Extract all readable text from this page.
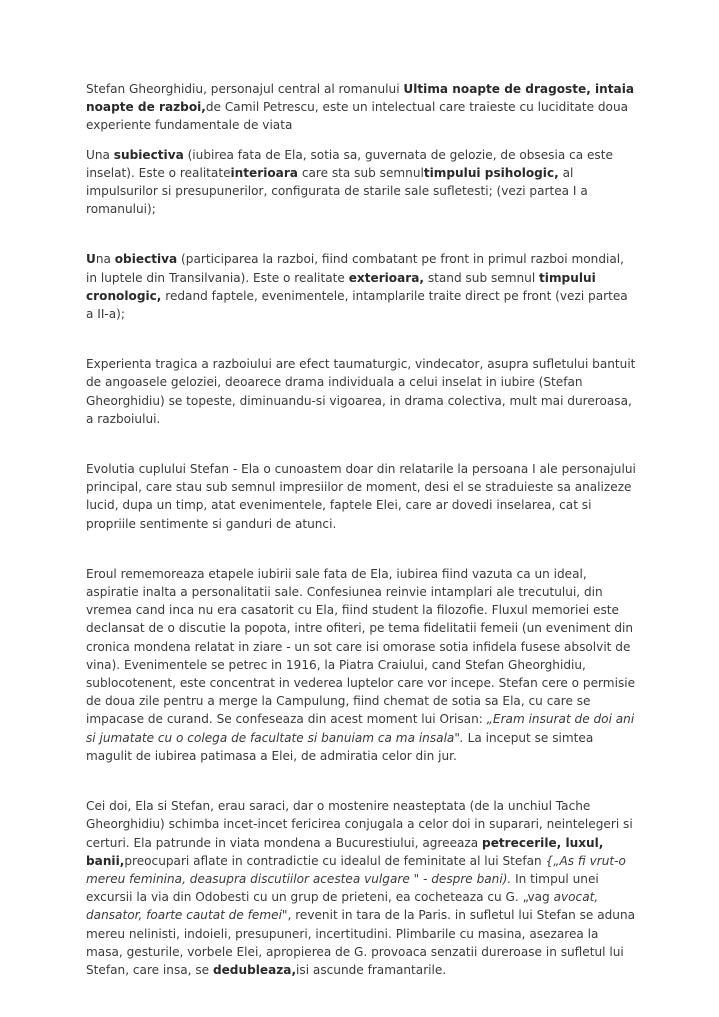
Stefan Gheorghidiu, personajul central al romanului Ultima noapte de dragoste, intaia noapte de razboi,de Camil Petrescu, este un intelectual care traieste cu luciditate doua experiente fundamentale de viata

Una subiectiva (iubirea fata de Ela, sotia sa, guvernata de gelozie, de obsesia ca este inselat). Este o realitateinterioara care sta sub semnultimpului psihologic, al impulsurilor si presupunerilor, configurata de starile sale sufletesti; (vezi partea I a romanului);

Una obiectiva (participarea la razboi, fiind combatant pe front in primul razboi mondial, in luptele din Transilvania). Este o realitate exterioara, stand sub semnul timpului cronologic, redand faptele, evenimentele, intamplarile traite direct pe front (vezi partea a II-a);

Experienta tragica a razboiului are efect taumaturgic, vindecator, asupra sufletului bantuit de angoasele geloziei, deoarece drama individuala a celui inselat in iubire (Stefan Gheorghidiu) se topeste, diminuandu-si vigoarea, in drama colectiva, mult mai dureroasa, a razboiului.

Evolutia cuplului Stefan - Ela o cunoastem doar din relatarile la persoana I ale personajului principal, care stau sub semnul impresiilor de moment, desi el se straduieste sa analizeze lucid, dupa un timp, atat evenimentele, faptele Elei, care ar dovedi inselarea, cat si propriile sentimente si ganduri de atunci.

Eroul rememoreaza etapele iubirii sale fata de Ela, iubirea fiind vazuta ca un ideal, aspiratie inalta a personalitatii sale. Confesiunea reinvie intamplari ale trecutului, din vremea cand inca nu era casatorit cu Ela, fiind student la filozofie. Fluxul memoriei este declansat de o discutie la popota, intre ofiteri, pe tema fidelitatii femeii (un eveniment din cronica mondena relatat in ziare - un sot care isi omorase sotia infidela fusese absolvit de vina). Evenimentele se petrec in 1916, la Piatra Craiului, cand Stefan Gheorghidiu, sublocotenent, este concentrat in vederea luptelor care vor incepe. Stefan cere o permisie de doua zile pentru a merge la Campulung, fiind chemat de sotia sa Ela, cu care se impacase de curand. Se confeseaza din acest moment lui Orisan: „Eram insurat de doi ani si jumatate cu o colega de facultate si banuiam ca ma insala". La inceput se simtea magulit de iubirea patimasa a Elei, de admiratia celor din jur.

Cei doi, Ela si Stefan, erau saraci, dar o mostenire neasteptata (de la unchiul Tache Gheorghidiu) schimba incet-incet fericirea conjugala a celor doi in suparari, neintelegeri si certuri. Ela patrunde in viata mondena a Bucurestiului, agreeaza petrecerile, luxul, banii,preocupari aflate in contradictie cu idealul de feminitate al lui Stefan {„As fi vrut-o mereu feminina, deasupra discutiilor acestea vulgare " - despre bani). In timpul unei excursii la via din Odobesti cu un grup de prieteni, ea cocheteaza cu G. „vag avocat, dansator, foarte cautat de femei", revenit in tara de la Paris. in sufletul lui Stefan se aduna mereu nelinisti, indoieli, presupuneri, incertitudini. Plimbarile cu masina, asezarea la masa, gesturile, vorbele Elei, apropierea de G. provoaca senzatii dureroase in sufletul lui Stefan, care insa, se dedubleaza,isi ascunde framantarile.
